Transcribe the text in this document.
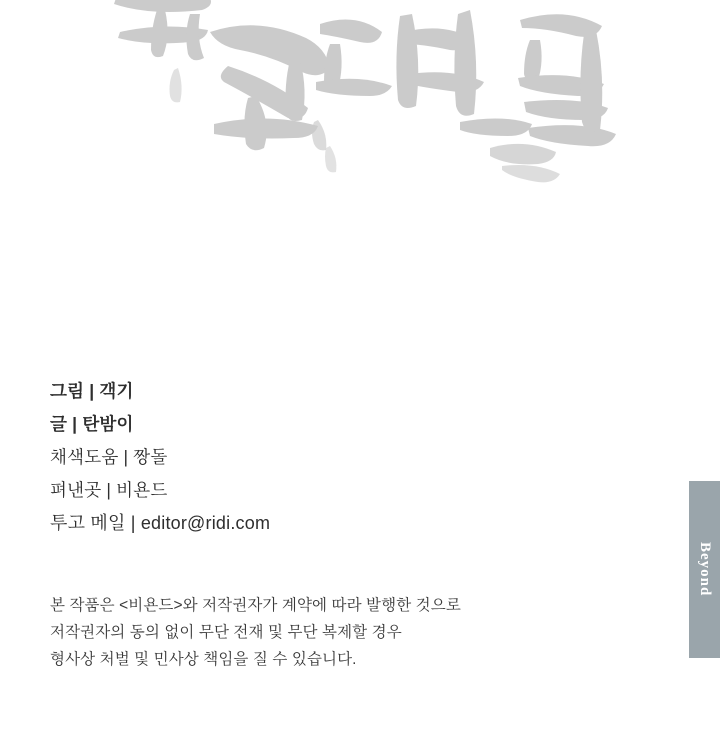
그림 | 객기
글 | 탄밤이
채색도움 | 짱돌
펴낸곳 | 비욘드
투고 메일 | editor@ridi.com
본 작품은 <비욘드>와 저작권자가 계약에 따라 발행한 것으로
저작권자의 동의 없이 무단 전재 및 무단 복제할 경우
형사상 처벌 및 민사상 책임을 질 수 있습니다.
Beyond
